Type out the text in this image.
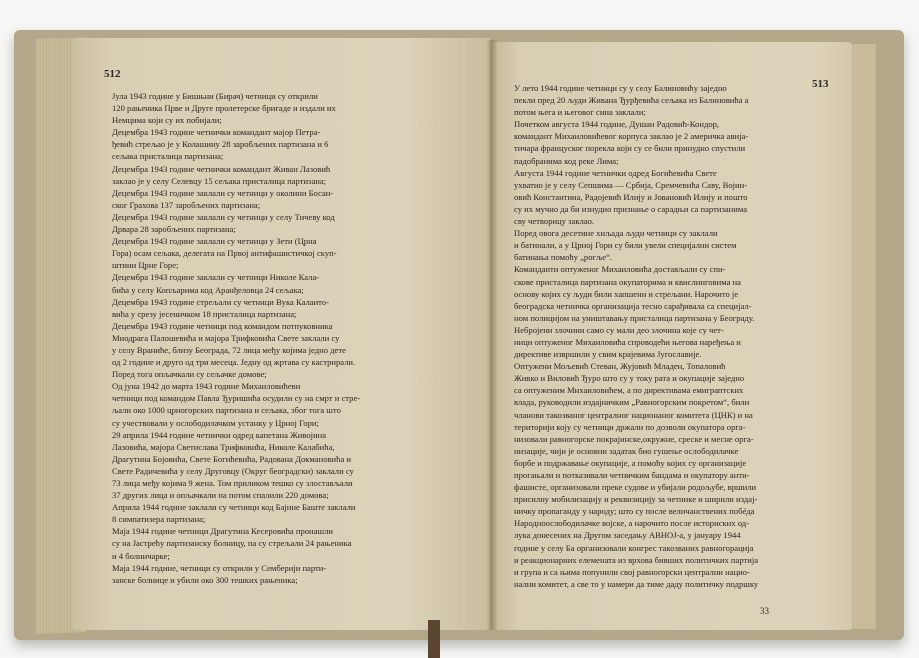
512
Јула 1943 године у Бишњни (Бирач) четници су открили
120 рањеника Прве и Друге пролетерске бригаде и издали их
Немцима који су их побијали;
Децембра 1943 године четнички командант мајор Петра-
ђевић стрељао је у Колашину 28 заробљених партизана и 6
сељака присталица партизана;
Децембра 1943 године четнички командант Живан Лазовић
заклао је у селу Селевцу 15 сељака присталица партизана;
Децембра 1943 године заклали су четници у околини Босан-
ског Грахова 137 заробљених партизана;
Децембра 1943 године заклали су четници у селу Тичеву код
Дрвара 28 заробљених партизана;
Децембра 1943 године заклали су четници у Зети (Црна
Гора) осам сељака, делегата на Првој антифашистичкој скуп-
штини Црне Горе;
Децембра 1943 године заклали су четници Николе Кала-
бића у селу Копљарима код Аранђеловца 24 сељака;
Децембра 1943 године стрељали су четници Вука Калаито-
вића у срезу јесеничком 18 присталица партизана;
Децембра 1943 године четници под командом потпуковника
Миодрага Палошевића и мајора Трифковића Свете заклали су
у селу Враниће, близу Београда, 72 лица међу којима једно дете
од 2 године и друго од три месеца. Једну од жртава су кастрирали.
Поред тога опљачкали су сељачке домове;
Од јуна 1942 до марта 1943 године Михаиловићеви
четници под командом Павла Ђуришића осудили су на смрт и стре-
љали око 1000 црногорских партизана и сељака, због тога што
су учествовали у ослободилачком устанку у Црној Гори;
29 априла 1944 године четнички одред капетана Живојина
Лазовића, мајора Светислава Трифковића, Николе Калабића,
Драгутина Бојовића, Свете Богићевића, Радована Докмановића и
Свете Радичевића у селу Друговцу (Округ београдски) заклали су
73 лица међу којима 9 жена. Том приликом тешко су злостављали
37 других лица и опљачкали па потом спалили 220 домова;
Априла 1944 године заклали су четници код Бајине Баште заклали
8 симпатизера партизана;
Маја 1944 године четници Драгутина Кесеровића пронашли
су на Јастрећу партизанску болницу, па су стрељали 24 рањеника
и 4 болничарке;
Маја 1944 године, четници су открили у Семберији парти-
занске болнице и убили око 300 тешких рањеника;
513
У лето 1944 године четници су у селу Балиновићу заједно
пекли пред 20 људи Живана Ђурђевића сељака из Балиновића а
потом њега и његовог сина заклали;
Почетком августа 1944 године, Душан Радовић-Кондор,
командант Михаиловићевог корпуса заклао је 2 америчка авија-
тичара француског порекла који су се били принудно спустили
падобранима код реке Лима;
Августа 1944 године четнички одред Богићевића Свете
ухватио је у селу Сепшима — Србија, Сремчевића Саву, Војин-
овић Константина, Радојевић Илију и Јовановић Илију и пошто
су их мучио да би изнудио признање о сарадњи са партизанима
сву четворицу заклао.
Поред овога десетине хиљада људи четници су заклали
и батинали, а у Црној Гори су били увели специјални систем
батинања помоћу „рогље“.
Команданти оптуженог Михаиловића достављали су спи-
скове присталица партизана окупаторима и квислинговима на
основу којих су људи били хапшени и стрељани. Нарочито је
београдска четничка организација тесно сарађивала са специјал-
ном полицијом на уништавању присталица партизана у Београду.
Небројени злочини само су мали део злочина које су чет-
ници оптуженог Михаиловића спроводећи његова наређења и
директиве извршили у свим крајевима Југославије.
Оптужени Мољевић Стеван, Жујовић Младен, Топаловић
Живко и Виловић Ђуро што су у току рата и окупације заједно
са оптуженим Михаиловићем, а по директивама емиграптских
влада, руководили издајничким „Равногорским покретом“, били
чланови такозваног централног национаног комитета (ЦНК) и на
територији коју су четници држали по дозволи окупатора орга-
низовали равногорске покрајинске,окружне, среске и месне орга-
низације, чији је основни задатак био гушење ослободилачке
борбе и подржавање окупације, а помоћу којих су организације
прогањали и потказивали четничким бандама и окупатору анти-
фашисте, организовали преке судове и убијали родољубе, вршили
присилну мобилизацију и реквизицију за четнике и ширили издај-
ничку пропаганду у народу; што су после величанствених побéда
Народноослободилачке војске, а нарочито после историских од-
лука донесених на Другом заседању АВНОЈ-а, у јануару 1944
године у селу Ба организовали конгрес такозваних равногорација
и реакционарних елемената из врхова бивших политичких партија
и група и са њима попунили свој равногорски централни нацио-
нални комитет, а све то у намери да тиме даду политичку подршку
33
